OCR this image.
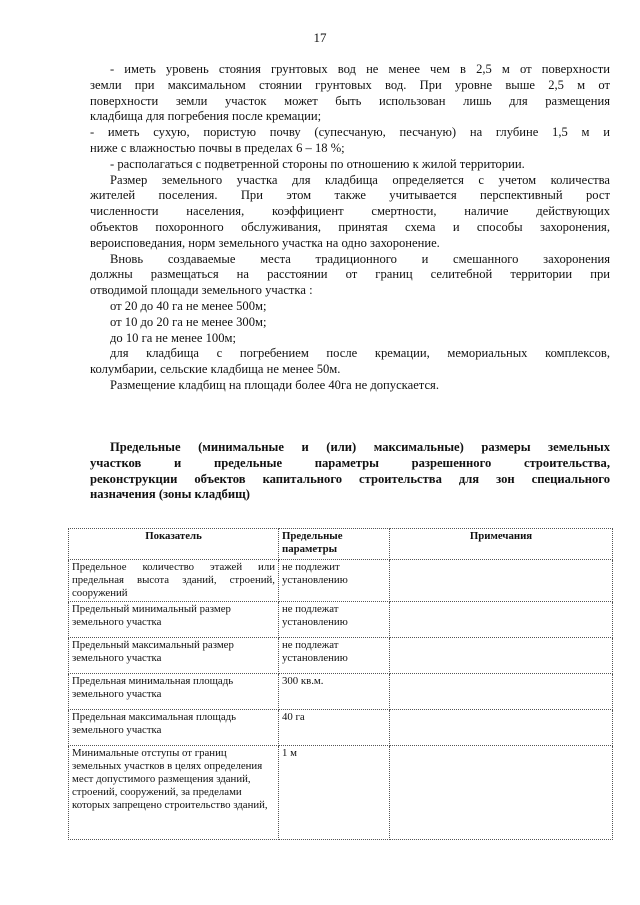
17
- иметь уровень стояния грунтовых вод не менее чем в 2,5 м от поверхности
земли при максимальном стоянии грунтовых вод. При уровне выше 2,5 м от
поверхности земли участок может быть использован лишь для размещения
кладбища для погребения после кремации;
- иметь сухую, пористую почву (супесчаную, песчаную) на глубине 1,5 м и
ниже с влажностью почвы в пределах 6 – 18 %;
- располагаться с подветренной стороны по отношению к жилой территории.
Размер земельного участка для кладбища определяется с учетом количества
жителей поселения. При этом также учитывается перспективный рост
численности населения, коэффициент смертности, наличие действующих
объектов похоронного обслуживания, принятая схема и способы захоронения,
вероисповедания, норм земельного участка на одно захоронение.
Вновь создаваемые места традиционного и смешанного захоронения
должны размещаться на расстоянии от границ селитебной территории при
отводимой площади земельного участка :
от 20 до 40 га не менее 500м;
от 10 до 20 га не менее 300м;
до 10 га не менее 100м;
для кладбища с погребением после кремации, мемориальных комплексов,
колумбарии, сельские кладбища не менее 50м.
Размещение кладбищ на площади более 40га не допускается.
Предельные (минимальные и (или) максимальные) размеры земельных
участков и предельные параметры разрешенного строительства,
реконструкции объектов капитального строительства для зон специального
назначения (зоны кладбищ)
Показатель	Предельные параметры	Примечания
Предельное количество этажей или предельная высота зданий, строений, сооружений	не подлежит установлению	
Предельный минимальный размер земельного участка	не подлежат установлению	
Предельный максимальный размер земельного участка	не подлежат установлению	
Предельная минимальная площадь земельного участка	300 кв.м.	
Предельная максимальная площадь земельного участка	40 га	
Минимальные отступы от границ земельных участков в целях определения мест допустимого размещения зданий, строений, сооружений, за пределами которых запрещено строительство зданий,	1 м	
